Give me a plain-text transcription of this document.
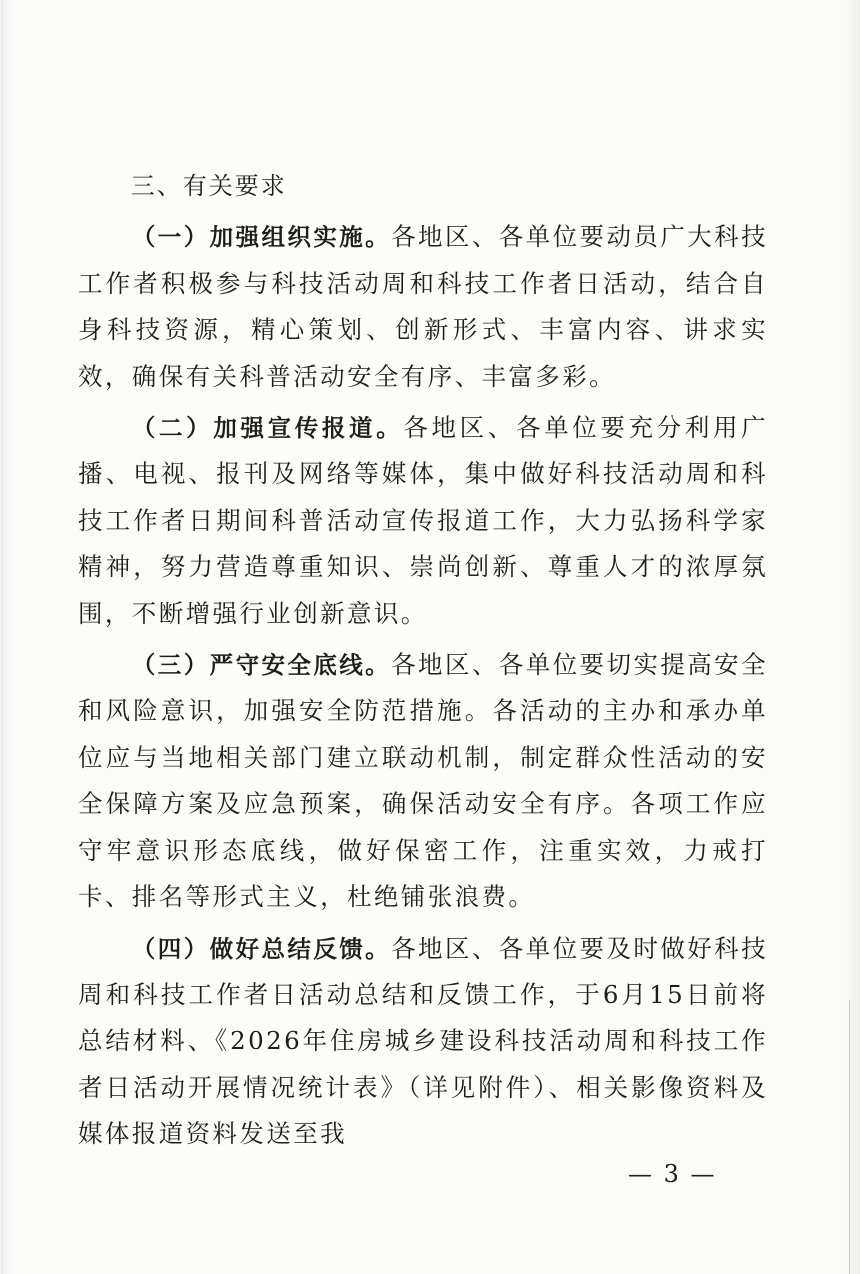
三、有关要求

（一）加强组织实施。各地区、各单位要动员广大科技工作者积极参与科技活动周和科技工作者日活动，结合自身科技资源，精心策划、创新形式、丰富内容、讲求实效，确保有关科普活动安全有序、丰富多彩。

（二）加强宣传报道。各地区、各单位要充分利用广播、电视、报刊及网络等媒体，集中做好科技活动周和科技工作者日期间科普活动宣传报道工作，大力弘扬科学家精神，努力营造尊重知识、崇尚创新、尊重人才的浓厚氛围，不断增强行业创新意识。

（三）严守安全底线。各地区、各单位要切实提高安全和风险意识，加强安全防范措施。各活动的主办和承办单位应与当地相关部门建立联动机制，制定群众性活动的安全保障方案及应急预案，确保活动安全有序。各项工作应守牢意识形态底线，做好保密工作，注重实效，力戒打卡、排名等形式主义，杜绝铺张浪费。

（四）做好总结反馈。各地区、各单位要及时做好科技周和科技工作者日活动总结和反馈工作，于6月15日前将总结材料、《2026年住房城乡建设科技活动周和科技工作者日活动开展情况统计表》（详见附件）、相关影像资料及媒体报道资料发送至我

— 3 —
